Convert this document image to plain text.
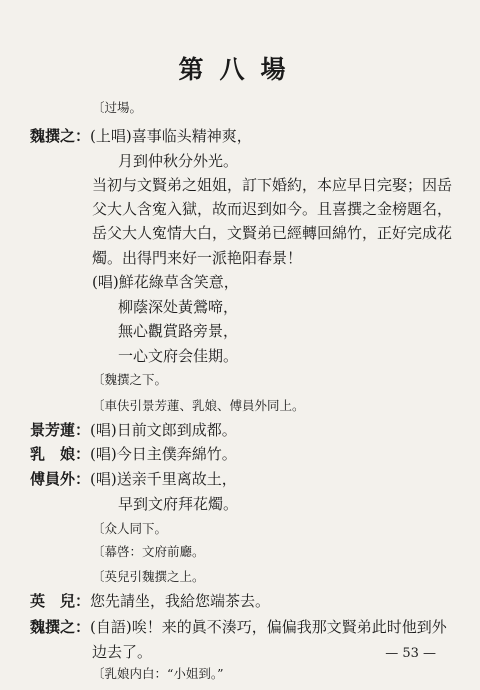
第八場
〔过場。
魏撰之：(上唱)喜事临头精神爽，
月到仲秋分外光。
当初与文賢弟之姐姐，訂下婚約，本应早日完娶；因岳
父大人含寃入獄，故而迟到如今。且喜撰之金榜題名，
岳父大人寃情大白，文賢弟已經轉回綿竹，正好完成花
燭。出得門来好一派艳阳春景！
(唱)鮮花綠草含笑意，
柳蔭深处黃鶯啼，
無心觀賞路旁景，
一心文府会佳期。
〔魏撰之下。
〔車伕引景芳蓮、乳娘、傅員外同上。
景芳蓮：(唱)日前文郎到成都。
乳　娘：(唱)今日主僕奔綿竹。
傅員外：(唱)送亲千里离故土，
早到文府拜花燭。
〔众人同下。
〔幕啓：文府前廳。
〔英兒引魏撰之上。
英　兒：您先請坐，我給您端茶去。
魏撰之：(自語)唉！来的眞不湊巧，偏偏我那文賢弟此时他到外
边去了。
〔乳娘内白：“小姐到。”
— 53 —
